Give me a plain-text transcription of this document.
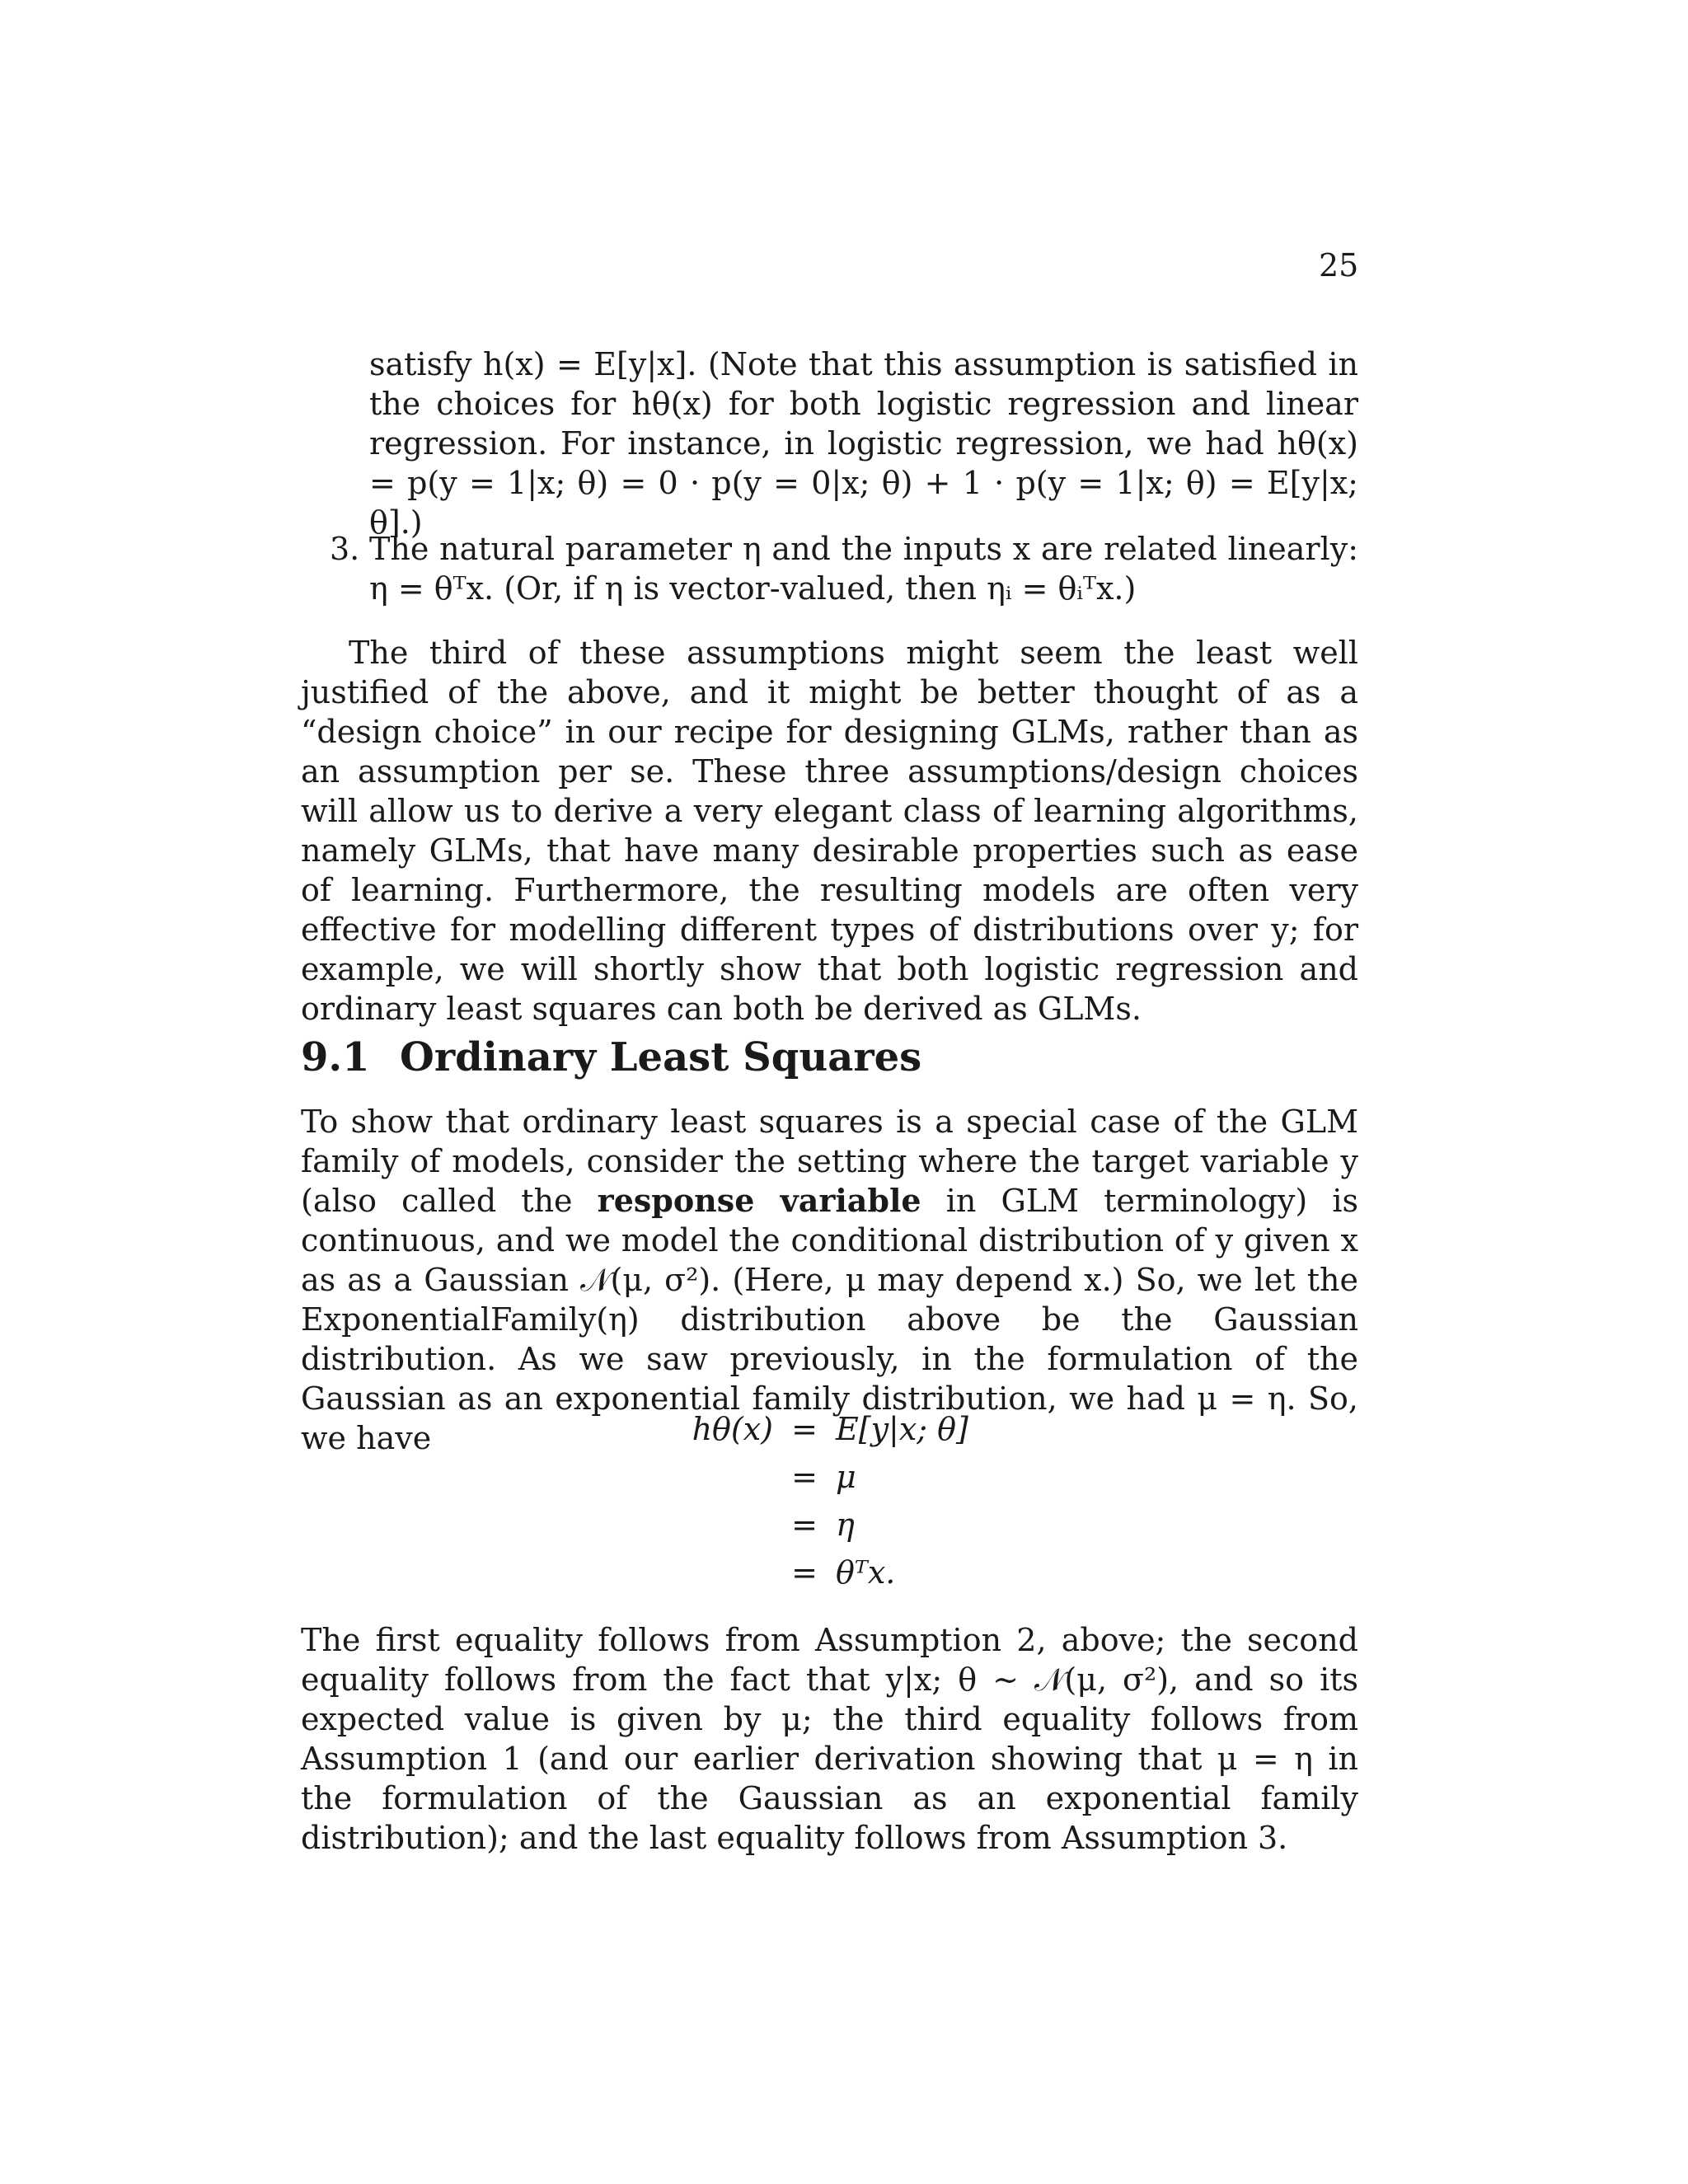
25
satisfy h(x) = E[y|x]. (Note that this assumption is satisfied in the choices for hθ(x) for both logistic regression and linear regression. For instance, in logistic regression, we had hθ(x) = p(y = 1|x; θ) = 0 · p(y = 0|x; θ) + 1 · p(y = 1|x; θ) = E[y|x; θ].)
3. The natural parameter η and the inputs x are related linearly: η = θᵀx. (Or, if η is vector-valued, then ηᵢ = θᵢᵀx.)
The third of these assumptions might seem the least well justified of the above, and it might be better thought of as a “design choice” in our recipe for designing GLMs, rather than as an assumption per se. These three assumptions/design choices will allow us to derive a very elegant class of learning algorithms, namely GLMs, that have many desirable properties such as ease of learning. Furthermore, the resulting models are often very effective for modelling different types of distributions over y; for example, we will shortly show that both logistic regression and ordinary least squares can both be derived as GLMs.
9.1 Ordinary Least Squares
To show that ordinary least squares is a special case of the GLM family of models, consider the setting where the target variable y (also called the response variable in GLM terminology) is continuous, and we model the conditional distribution of y given x as as a Gaussian 𝒩(μ, σ²). (Here, μ may depend x.) So, we let the ExponentialFamily(η) distribution above be the Gaussian distribution. As we saw previously, in the formulation of the Gaussian as an exponential family distribution, we had μ = η. So, we have	hθ(x) = E[y|x; θ]
= μ
= η
= θᵀx.
The first equality follows from Assumption 2, above; the second equality follows from the fact that y|x; θ ∼ 𝒩(μ, σ²), and so its expected value is given by μ; the third equality follows from Assumption 1 (and our earlier derivation showing that μ = η in the formulation of the Gaussian as an exponential family distribution); and the last equality follows from Assumption 3.
